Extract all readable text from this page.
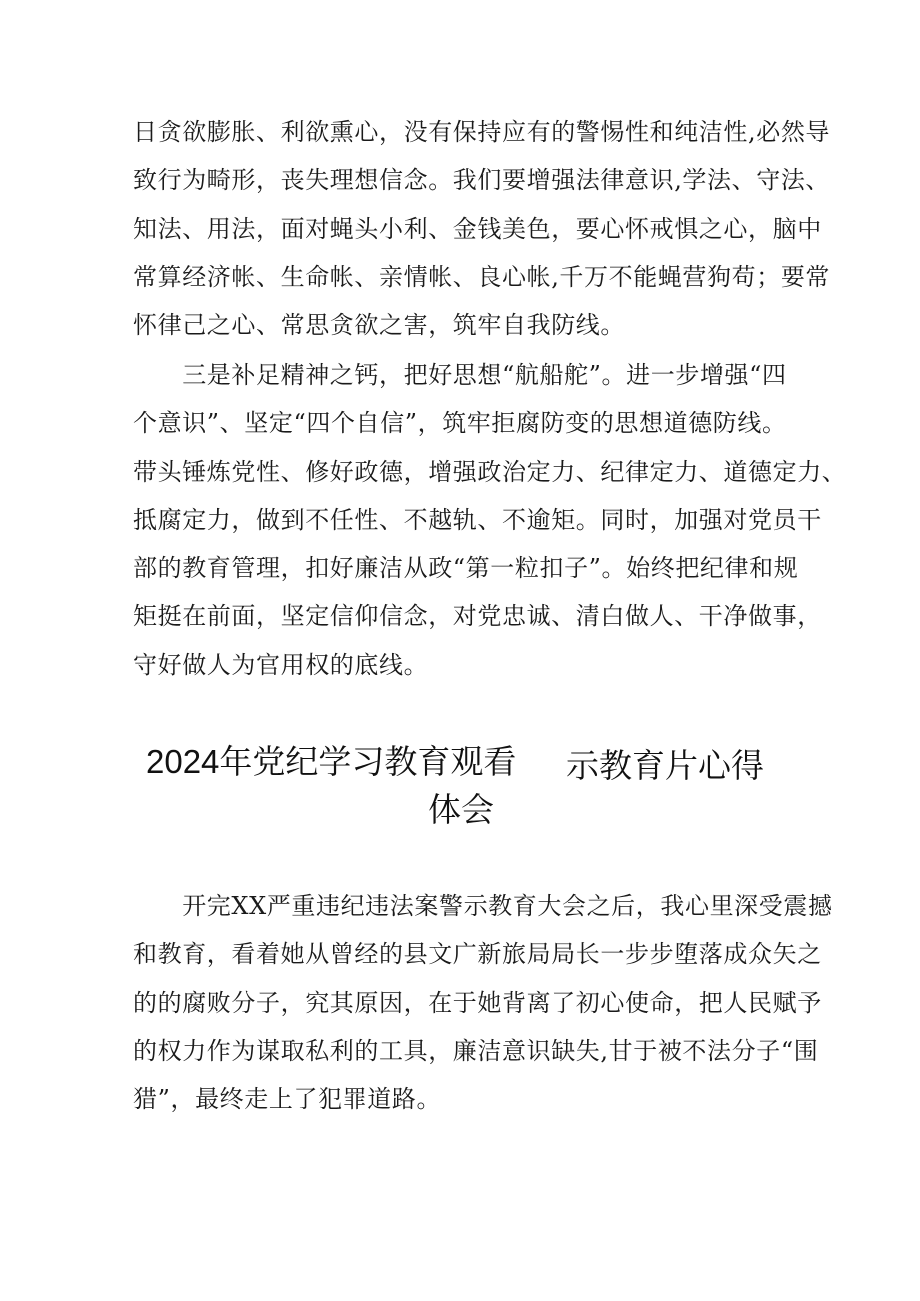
日贪欲膨胀、利欲熏心，没有保持应有的警惕性和纯洁性,必然导
致行为畸形，丧失理想信念。我们要增强法律意识,学法、守法、
知法、用法，面对蝇头小利、金钱美色，要心怀戒惧之心，脑中
常算经济帐、生命帐、亲情帐、良心帐,千万不能蝇营狗苟；要常
怀律己之心、常思贪欲之害，筑牢自我防线。
　　三是补足精神之钙，把好思想“航船舵”。进一步增强“四
个意识”、坚定“四个自信”，筑牢拒腐防变的思想道德防线。
带头锤炼党性、修好政德，增强政治定力、纪律定力、道德定力、
抵腐定力，做到不任性、不越轨、不逾矩。同时，加强对党员干
部的教育管理，扣好廉洁从政“第一粒扣子”。始终把纪律和规
矩挺在前面，坚定信仰信念，对党忠诚、清白做人、干净做事，
守好做人为官用权的底线。
2024年党纪学习教育观看 示教育片心得
体会
　　开完XX严重违纪违法案警示教育大会之后，我心里深受震撼
和教育，看着她从曾经的县文广新旅局局长一步步堕落成众矢之
的的腐败分子，究其原因，在于她背离了初心使命，把人民赋予
的权力作为谋取私利的工具，廉洁意识缺失,甘于被不法分子“围
猎”，最终走上了犯罪道路。
